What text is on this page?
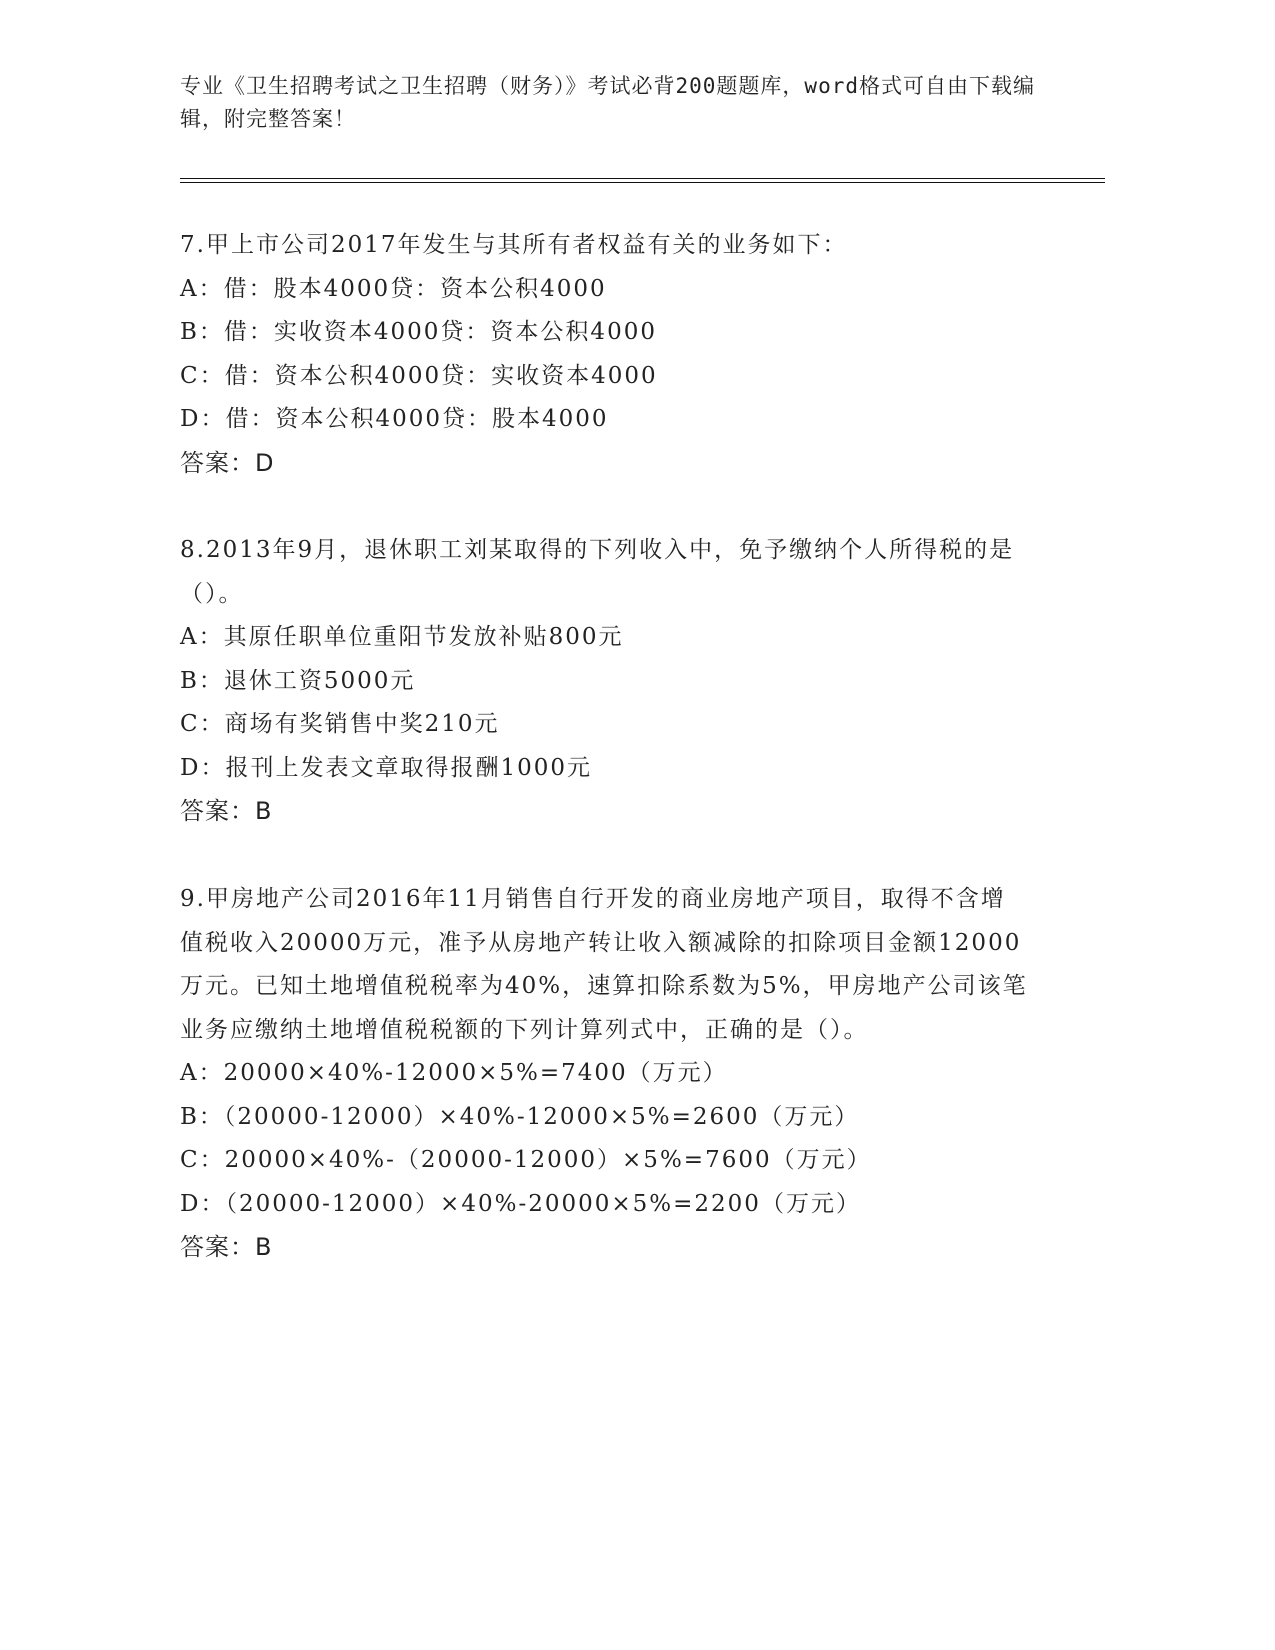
专业《卫生招聘考试之卫生招聘（财务）》考试必背200题题库，word格式可自由下载编辑，附完整答案！

7.甲上市公司2017年发生与其所有者权益有关的业务如下：

A：借：股本4000贷：资本公积4000

B：借：实收资本4000贷：资本公积4000

C：借：资本公积4000贷：实收资本4000

D：借：资本公积4000贷：股本4000

答案：D

8.2013年9月，退休职工刘某取得的下列收入中，免予缴纳个人所得税的是（）。

A：其原任职单位重阳节发放补贴800元

B：退休工资5000元

C：商场有奖销售中奖210元

D：报刊上发表文章取得报酬1000元

答案：B

9.甲房地产公司2016年11月销售自行开发的商业房地产项目，取得不含增值税收入20000万元，准予从房地产转让收入额减除的扣除项目金额12000万元。已知土地增值税税率为40%，速算扣除系数为5%，甲房地产公司该笔业务应缴纳土地增值税税额的下列计算列式中，正确的是（）。

A：20000×40%-12000×5%=7400（万元）

B：（20000-12000）×40%-12000×5%=2600（万元）

C：20000×40%-（20000-12000）×5%=7600（万元）

D：（20000-12000）×40%-20000×5%=2200（万元）

答案：B
